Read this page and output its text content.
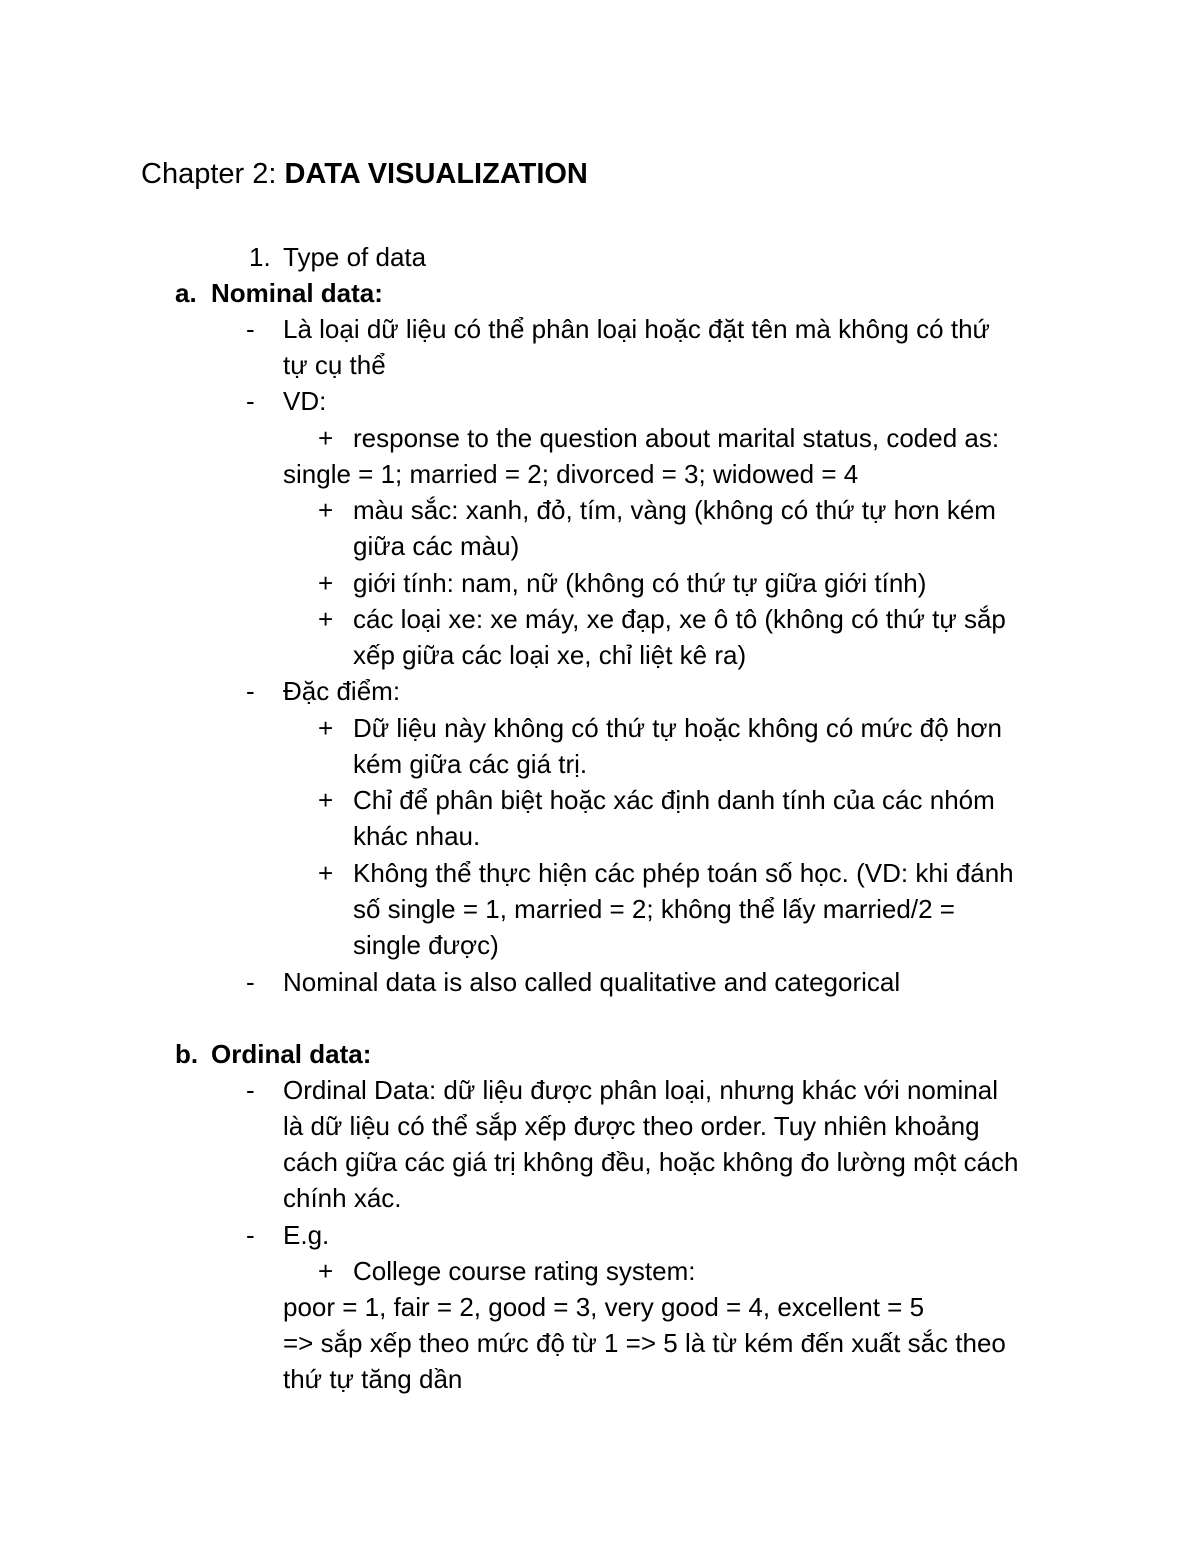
Chapter 2: DATA VISUALIZATION

1. Type of data

a. Nominal data:

- Là loại dữ liệu có thể phân loại hoặc đặt tên mà không có thứ

tự cụ thể

- VD:

+ response to the question about marital status, coded as:

single = 1; married = 2; divorced = 3; widowed = 4

+ màu sắc: xanh, đỏ, tím, vàng (không có thứ tự hơn kém

giữa các màu)

+ giới tính: nam, nữ (không có thứ tự giữa giới tính)

+ các loại xe: xe máy, xe đạp, xe ô tô (không có thứ tự sắp

xếp giữa các loại xe, chỉ liệt kê ra)

- Đặc điểm:

+ Dữ liệu này không có thứ tự hoặc không có mức độ hơn

kém giữa các giá trị.

+ Chỉ để phân biệt hoặc xác định danh tính của các nhóm

khác nhau.

+ Không thể thực hiện các phép toán số học. (VD: khi đánh

số single = 1, married = 2; không thể lấy married/2 =

single được)

- Nominal data is also called qualitative and categorical

b. Ordinal data:

- Ordinal Data: dữ liệu được phân loại, nhưng khác với nominal

là dữ liệu có thể sắp xếp được theo order. Tuy nhiên khoảng

cách giữa các giá trị không đều, hoặc không đo lường một cách

chính xác.

- E.g.

+ College course rating system:

poor = 1, fair = 2, good = 3, very good = 4, excellent = 5

=> sắp xếp theo mức độ từ 1 => 5 là từ kém đến xuất sắc theo

thứ tự tăng dần
